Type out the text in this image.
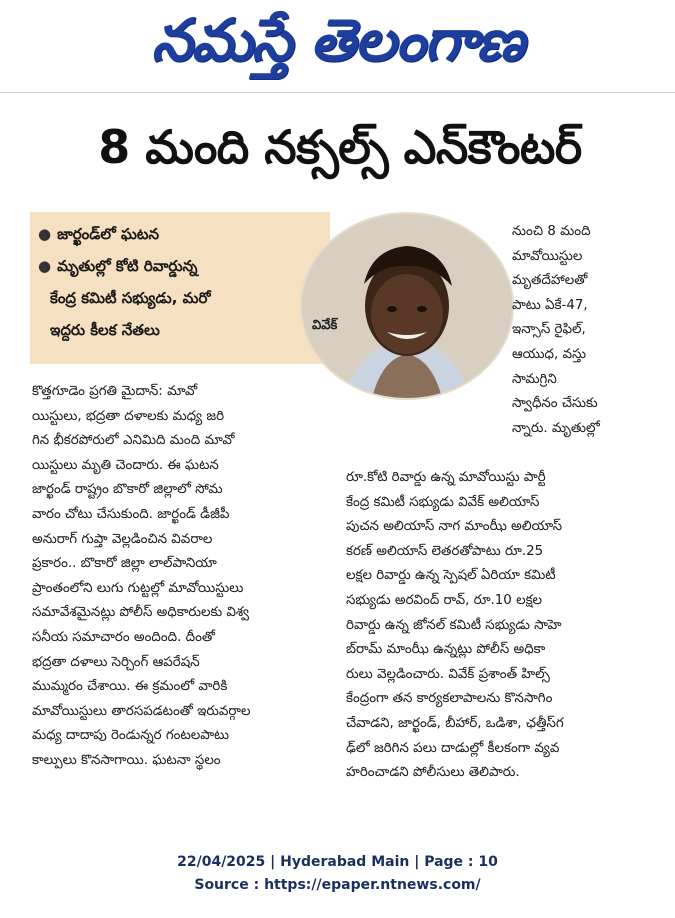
నమస్తే తెలంగాణ
8 మంది నక్సల్స్ ఎన్‌కౌంటర్
● జార్ఖండ్‌లో ఘటన
● మృతుల్లో కోటి రివార్డున్న
కేంద్ర కమిటీ సభ్యుడు, మరో
ఇద్దరు కీలక నేతలు	వివేక్
కొత్తగూడెం ప్రగతి మైదాన్: మావో
యిస్టులు, భద్రతా దళాలకు మధ్య జరి
గిన భీకరపోరులో ఎనిమిది మంది మావో
యిస్టులు మృతి చెందారు. ఈ ఘటన
జార్ఖండ్ రాష్ట్రం బొకారో జిల్లాలో సోమ
వారం చోటు చేసుకుంది. జార్ఖండ్ డీజీపీ
అనురాగ్ గుప్తా వెల్లడించిన వివరాల
ప్రకారం.. బొకారో జిల్లా లాల్‌పానియా
ప్రాంతంలోని లుగు గుట్టల్లో మావోయిస్టులు
సమావేశమైనట్లు పోలీస్ అధికారులకు విశ్వ
సనీయ సమాచారం అందింది. దీంతో
భద్రతా దళాలు సెర్చింగ్ ఆపరేషన్
ముమ్మరం చేశాయి. ఈ క్రమంలో వారికి
మావోయిస్టులు తారసపడటంతో ఇరువర్గాల
మధ్య దాదాపు రెండున్నర గంటలపాటు
కాల్పులు కొనసాగాయి. ఘటనా స్థలం
నుంచి 8 మంది
మావోయిస్టుల
మృతదేహాలతో
పాటు ఏకే-47,
ఇన్సాస్ రైఫిల్,
ఆయుధ, వస్తు
సామగ్రిని
స్వాధీనం చేసుకు
న్నారు. మృతుల్లో
రూ.కోటి రివార్డు ఉన్న మావోయిస్టు పార్టీ
కేంద్ర కమిటీ సభ్యుడు వివేక్ అలియాస్
పుచన అలియాస్ నాగ మాంఝీ అలియాస్
కరణ్ అలియాస్ లెతరతోపాటు రూ.25
లక్షల రివార్డు ఉన్న స్పెషల్ ఏరియా కమిటీ
సభ్యుడు అరవింద్ రావ్, రూ.10 లక్షల
రివార్డు ఉన్న జోనల్ కమిటీ సభ్యుడు సాహె
బ్‌రామ్ మాంఝీ ఉన్నట్లు పోలీస్ అధికా
రులు వెల్లడించారు. వివేక్ ప్రశాంత్ హిల్స్
కేంద్రంగా తన కార్యకలాపాలను కొనసాగిం
చేవాడని, జార్ఖండ్, బీహార్, ఒడిశా, ఛత్తీస్‌గ
ఢ్‌లో జరిగిన పలు దాడుల్లో కీలకంగా వ్యవ
హరించాడని పోలీసులు తెలిపారు.
22/04/2025 | Hyderabad Main | Page : 10
Source : https://epaper.ntnews.com/
